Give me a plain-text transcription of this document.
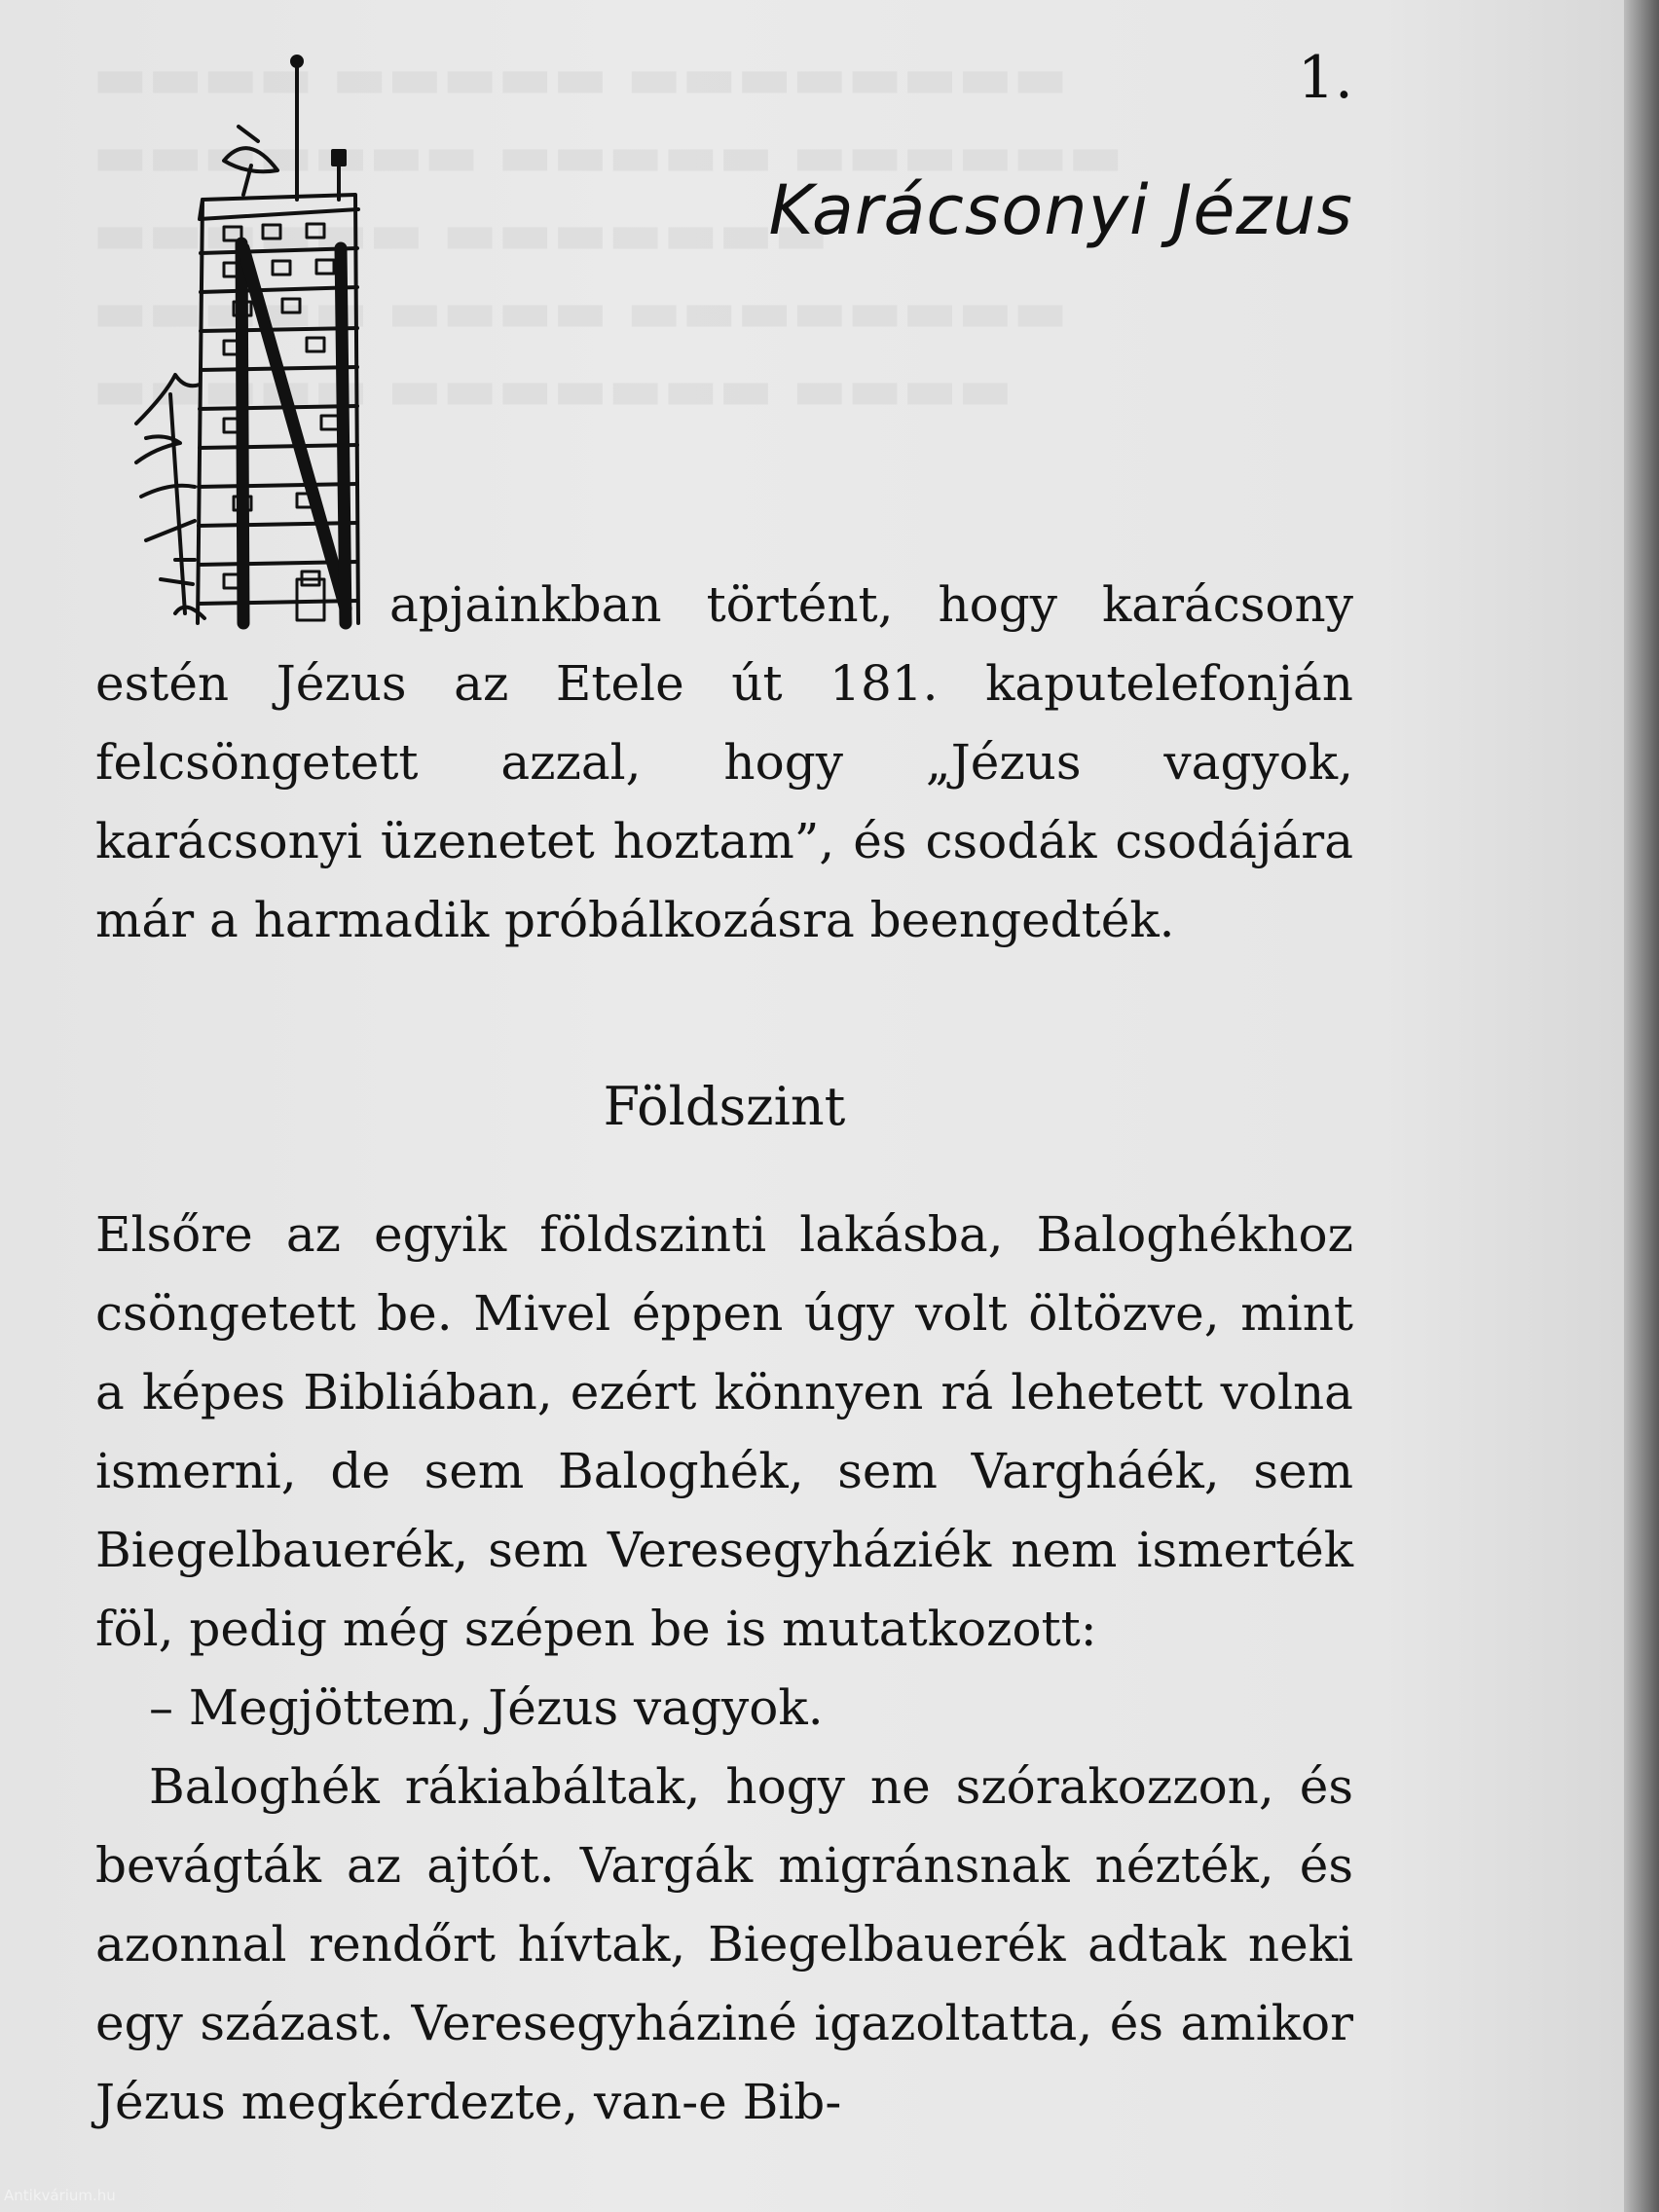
1.
Karácsonyi Jézus

apjainkban történt, hogy karácsony estén Jézus az Etele út 181. kaputelefonján felcsöngetett azzal, hogy „Jézus vagyok, karácsonyi üzenetet hoztam”, és csodák csodájára már a harmadik próbálkozásra beengedték.

Földszint

Elsőre az egyik földszinti lakásba, Baloghékhoz csöngetett be. Mivel éppen úgy volt öltözve, mint a képes Bibliában, ezért könnyen rá lehetett volna ismerni, de sem Baloghék, sem Vargháék, sem Biegelbauerék, sem Veresegyháziék nem ismerték föl, pedig még szépen be is mutatkozott:

– Megjöttem, Jézus vagyok.

Baloghék rákiabáltak, hogy ne szórakozzon, és bevágták az ajtót. Vargák migránsnak nézték, és azonnal rendőrt hívtak, Biegelbauerék adtak neki egy százast. Veresegyháziné igazoltatta, és amikor Jézus megkérdezte, van-e Bib-

Antikvárium.hu
